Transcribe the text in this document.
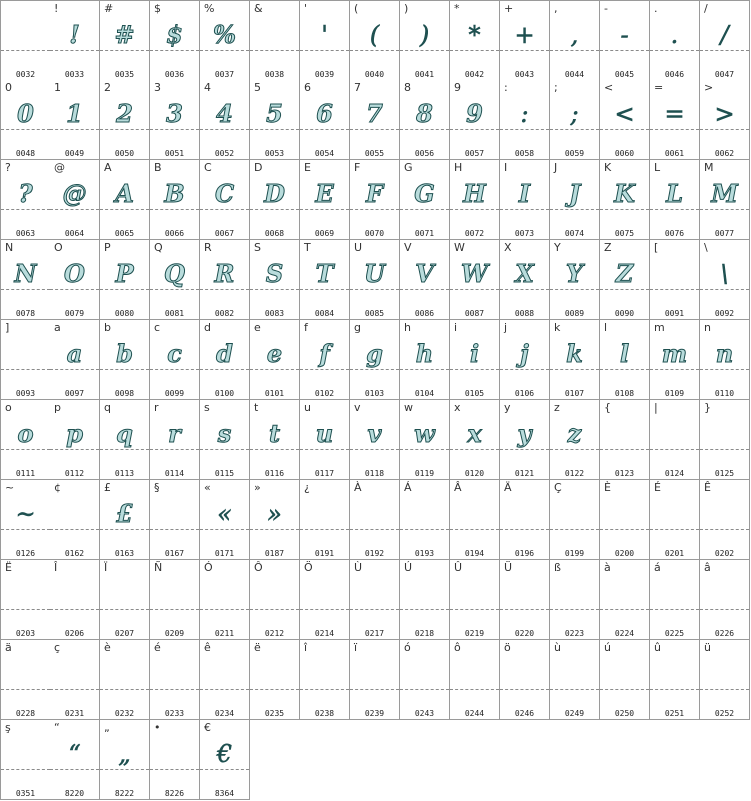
0032
!
!
0033
#
#
0035
$
$
0036
%
%
0037
&
0038
'
'
0039
(
(
0040
)
)
0041
*
*
0042
+
+
0043
,
,
0044
-
-
0045
.
.
0046
/
/
0047
0
0
0048
1
1
0049
2
2
0050
3
3
0051
4
4
0052
5
5
0053
6
6
0054
7
7
0055
8
8
0056
9
9
0057
:
:
0058
;
;
0059
<
<
0060
=
=
0061
>
>
0062
?
?
0063
@
@
0064
A
A
0065
B
B
0066
C
C
0067
D
D
0068
E
E
0069
F
F
0070
G
G
0071
H
H
0072
I
I
0073
J
J
0074
K
K
0075
L
L
0076
M
M
0077
N
N
0078
O
O
0079
P
P
0080
Q
Q
0081
R
R
0082
S
S
0083
T
T
0084
U
U
0085
V
V
0086
W
W
0087
X
X
0088
Y
Y
0089
Z
Z
0090
[
0091
\
\
0092
]
0093
a
a
0097
b
b
0098
c
c
0099
d
d
0100
e
e
0101
f
f
0102
g
g
0103
h
h
0104
i
i
0105
j
j
0106
k
k
0107
l
l
0108
m
m
0109
n
n
0110
o
o
0111
p
p
0112
q
q
0113
r
r
0114
s
s
0115
t
t
0116
u
u
0117
v
v
0118
w
w
0119
x
x
0120
y
y
0121
z
z
0122
{
0123
|
0124
}
0125
~
~
0126
¢
0162
£
£
0163
§
0167
«
«
0171
»
»
0187
¿
0191
À
0192
Á
0193
Â
0194
Ä
0196
Ç
0199
È
0200
É
0201
Ê
0202
Ë
0203
Î
0206
Ï
0207
Ñ
0209
Ó
0211
Ô
0212
Ö
0214
Ù
0217
Ú
0218
Û
0219
Ü
0220
ß
0223
à
0224
á
0225
â
0226
ä
0228
ç
0231
è
0232
é
0233
ê
0234
ë
0235
î
0238
ï
0239
ó
0243
ô
0244
ö
0246
ù
0249
ú
0250
û
0251
ü
0252
ş
0351
“
“
8220
„
„
8222
•
8226
€
€
8364
